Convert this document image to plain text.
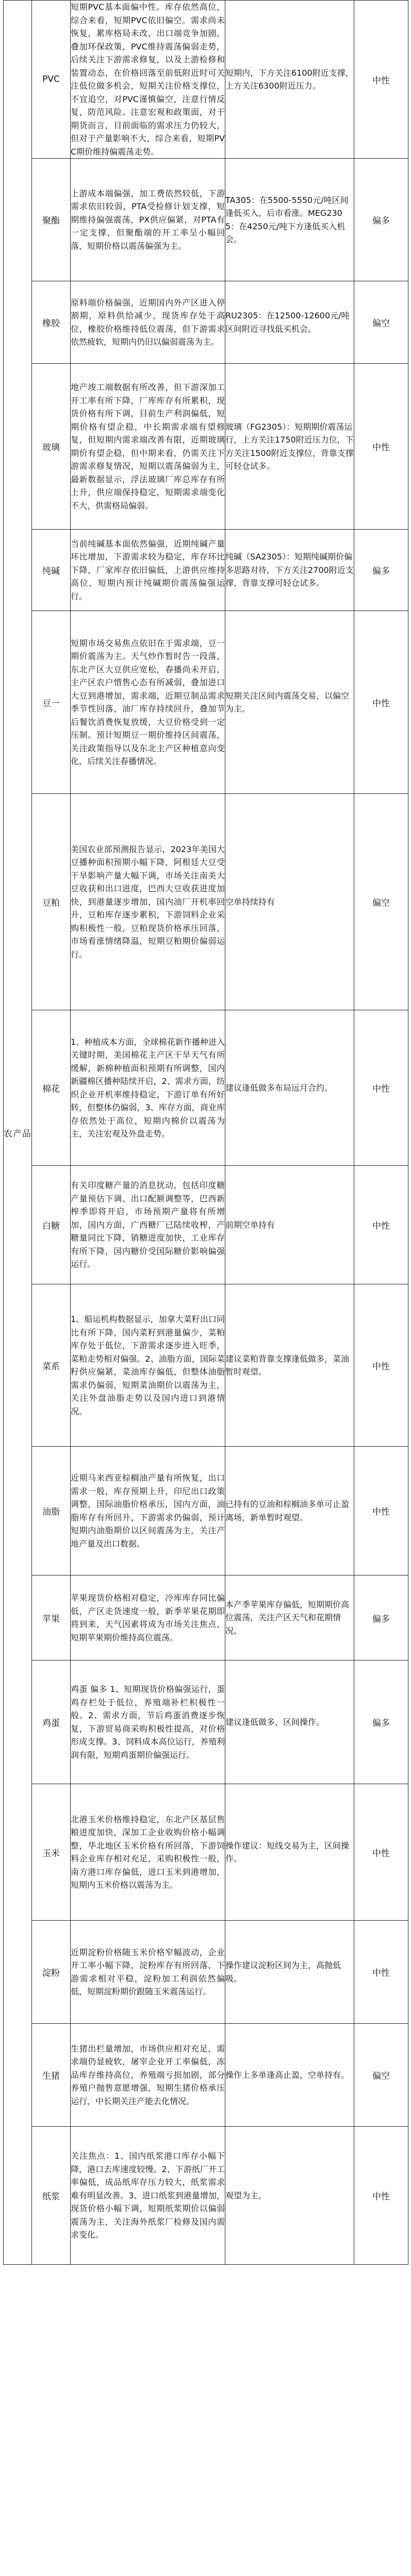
农产品	PVC	短期PVC基本面偏中性。库存依然高位，综合来看，短期PVC依旧偏空。需求尚未恢复，累库格局未改，出口端竞争加剧，叠加环保政策，PVC维持震荡偏弱走势，后续关注下游需求修复，以及上游检修和装置动态，在价格回落至前低附近时可关注低位做多机会，短期关注价格支撑位，不宜追空，对PVC谨慎偏空，注意行情反复，防范风险。注意宏观和政策面，对于期货而言，目前面临的需求压力仍较大，但对于产量影响不大，综合来看，短期PVC期价维持偏震荡走势。	短期内，下方关注6100附近支撑，上方关注6300附近压力。	中性
	聚酯	上游成本端偏强，加工费依然较低，下游需求依旧较弱，PTA受检修计划支撑，短期维持偏强震荡，PX供应偏紧，对PTA有一定支撑，但聚酯端的开工率呈小幅回落，短期价格以震荡偏强为主。	TA305：在5500-5550元/吨区间逢低买入，后市看涨。MEG2305：在4250元/吨下方逢低买入机会。	偏多
	橡胶	原料端价格偏强，近期国内外产区进入停割期，原料供给减少，现货库存处于高位，橡胶价格维持低位震荡，但下游需求依然疲软，短期内仍旧以偏弱震荡为主。	RU2305：在12500-12600元/吨区间附近寻找低买机会。	偏空
	玻璃	地产竣工端数据有所改善，但下游深加工开工率有所下降，厂库库存有所累积，现货价格有所下调，目前生产利润偏低，短期价格有望企稳，中长期需求端有望修复，但短期内需求端改善有限，近期玻璃期价有望企稳，但中期来看，仍需关注下游需求修复情况，短期以震荡偏弱为主，最新数据显示，浮法玻璃厂库总库存有所上升，供应端保持稳定，短期需求端变化不大，供需格局偏弱。	玻璃（FG2305）：短期期价震荡运行，上方关注1750附近压力位，下方关注1500附近支撑位，背靠支撑可轻仓试多。	中性
	纯碱	当前纯碱基本面依然偏强，近期纯碱产量环比增加，下游需求较为稳定，库存环比下降，厂家库存依旧偏低，上游供应维持高位，短期内预计纯碱期价震荡偏强运行。	纯碱（SA2305）：短期纯碱期价偏多思路对待，下方关注2700附近支撑，背靠支撑可轻仓试多。	偏多
	豆一	短期市场交易焦点依旧在于需求端，豆一期价震荡为主。天气炒作暂时告一段落，东北产区大豆供应宽松，春播尚未开启，主产区农户惜售心态有所减弱，叠加进口大豆到港增加，需求端，近期豆制品需求季节性回落，油厂库存持续回升，叠加节后餐饮消费恢复放缓，大豆价格受到一定压制。预计短期豆一期价维持区间震荡，关注政策指导以及东北主产区种植意向变化，后续关注春播情况。	短期关注区间内震荡交易，以偏空为主。	中性
	豆粕	美国农业部预测报告显示，2023年美国大豆播种面积预期小幅下降，阿根廷大豆受干旱影响产量大幅下调，市场关注南美大豆收获和出口进度，巴西大豆收获进度加快，到港量逐步增加，国内油厂开机率回升，豆粕库存逐步累积，下游饲料企业采购积极性一般，豆粕现货价格承压回落，市场看涨情绪降温，短期豆粕期价偏弱运行。	空单持续持有	偏空
	棉花	1、种植成本方面，全球棉花新作播种进入关键时期，美国棉花主产区干旱天气有所缓解，新棉种植面积预期有所调整，国内新疆棉区播种陆续开启，2、需求方面，纺织企业开机率维持稳定，下游订单有所好转，但整体仍偏弱，3、库存方面，商业库存依然处于高位，短期内棉价以震荡为主，关注宏观及外盘走势。	建议逢低做多布局远月合约。	中性
	白糖	有关印度糖产量的消息扰动，包括印度糖产量预估下调、出口配额调整等，巴西新榨季即将开启，市场预期产量将有所增加，国内方面，广西糖厂已陆续收榨，产糖量同比下降，销糖进度加快，工业库存有所下降，国内糖价受国际糖价影响偏强运行。	前期空单持有	中性
	菜系	1、船运机构数据显示，加拿大菜籽出口同比有所下降，国内菜籽到港量偏少，菜粕库存处于低位，下游需求逐步进入旺季，菜粕走势相对偏强。2、油脂方面，国际菜籽供应偏紧，菜油库存偏低，但整体油脂需求仍偏弱，短期菜油期价以震荡为主，关注外盘油脂走势以及国内进口到港情况。	建议菜粕背靠支撑逢低做多，菜油暂时观望。	中性
	油脂	近期马来西亚棕榈油产量有所恢复，出口需求一般，库存预期上升，印尼出口政策调整，国际油脂价格承压，国内方面，油脂库存有所回升，下游需求仍偏弱，预计短期内油脂期价以区间震荡为主，关注产地产量及出口数据。	已持有的豆油和棕榈油多单可止盈离场，新单暂时观望。	中性
	苹果	苹果现货价格相对稳定，冷库库存同比偏低，产区走货速度一般，新季苹果花期即将到来，天气因素将成为市场关注焦点，短期苹果期价维持高位震荡。	本产季苹果库存偏低，短期期价高位震荡，关注产区天气和花期情况。	偏多
	鸡蛋	鸡蛋 偏多 1、短期现货价格偏强运行，蛋鸡存栏处于低位，养殖端补栏积极性一般。2、需求方面，节后鸡蛋消费逐步恢复，下游贸易商采购积极性提高，对价格形成支撑。3、饲料成本高位运行，养殖利润有限，短期鸡蛋期价偏强运行。	建议逢低做多，区间操作。	偏多
	玉米	北港玉米价格维持稳定，东北产区基层售粮进度加快，深加工企业收购价格小幅调整，华北地区玉米价格有所回落，下游饲料企业库存相对充足，采购积极性一般，南方港口库存偏低，进口玉米到港增加，短期内玉米价格以震荡为主。	操作建议：短线交易为主，区间操作。	中性
	淀粉	近期淀粉价格随玉米价格窄幅波动，企业开工率小幅下降，淀粉库存有所回落，下游需求相对平稳，淀粉加工利润依然偏低，短期淀粉期价跟随玉米震荡运行。	操作建议淀粉区间为主，高抛低吸。	中性
	生猪	生猪出栏量增加，市场供应相对充足，需求端仍显疲软，屠宰企业开工率偏低，冻品库存维持高位，养殖端亏损加剧，部分养殖户抛售意愿增强，短期生猪价格承压运行，中长期关注产能去化情况。	操作上多单逢高止盈，空单持有。	偏空
	纸浆	关注焦点：1、国内纸浆港口库存小幅下降，港口去库速度较慢。2、下游纸厂开工率偏低，成品纸库存压力较大，纸浆需求难有明显改善。3、进口纸浆到港量增加，现货价格小幅下调，短期纸浆期价以偏弱震荡为主，关注海外纸浆厂检修及国内需求变化。	观望为主。	中性
